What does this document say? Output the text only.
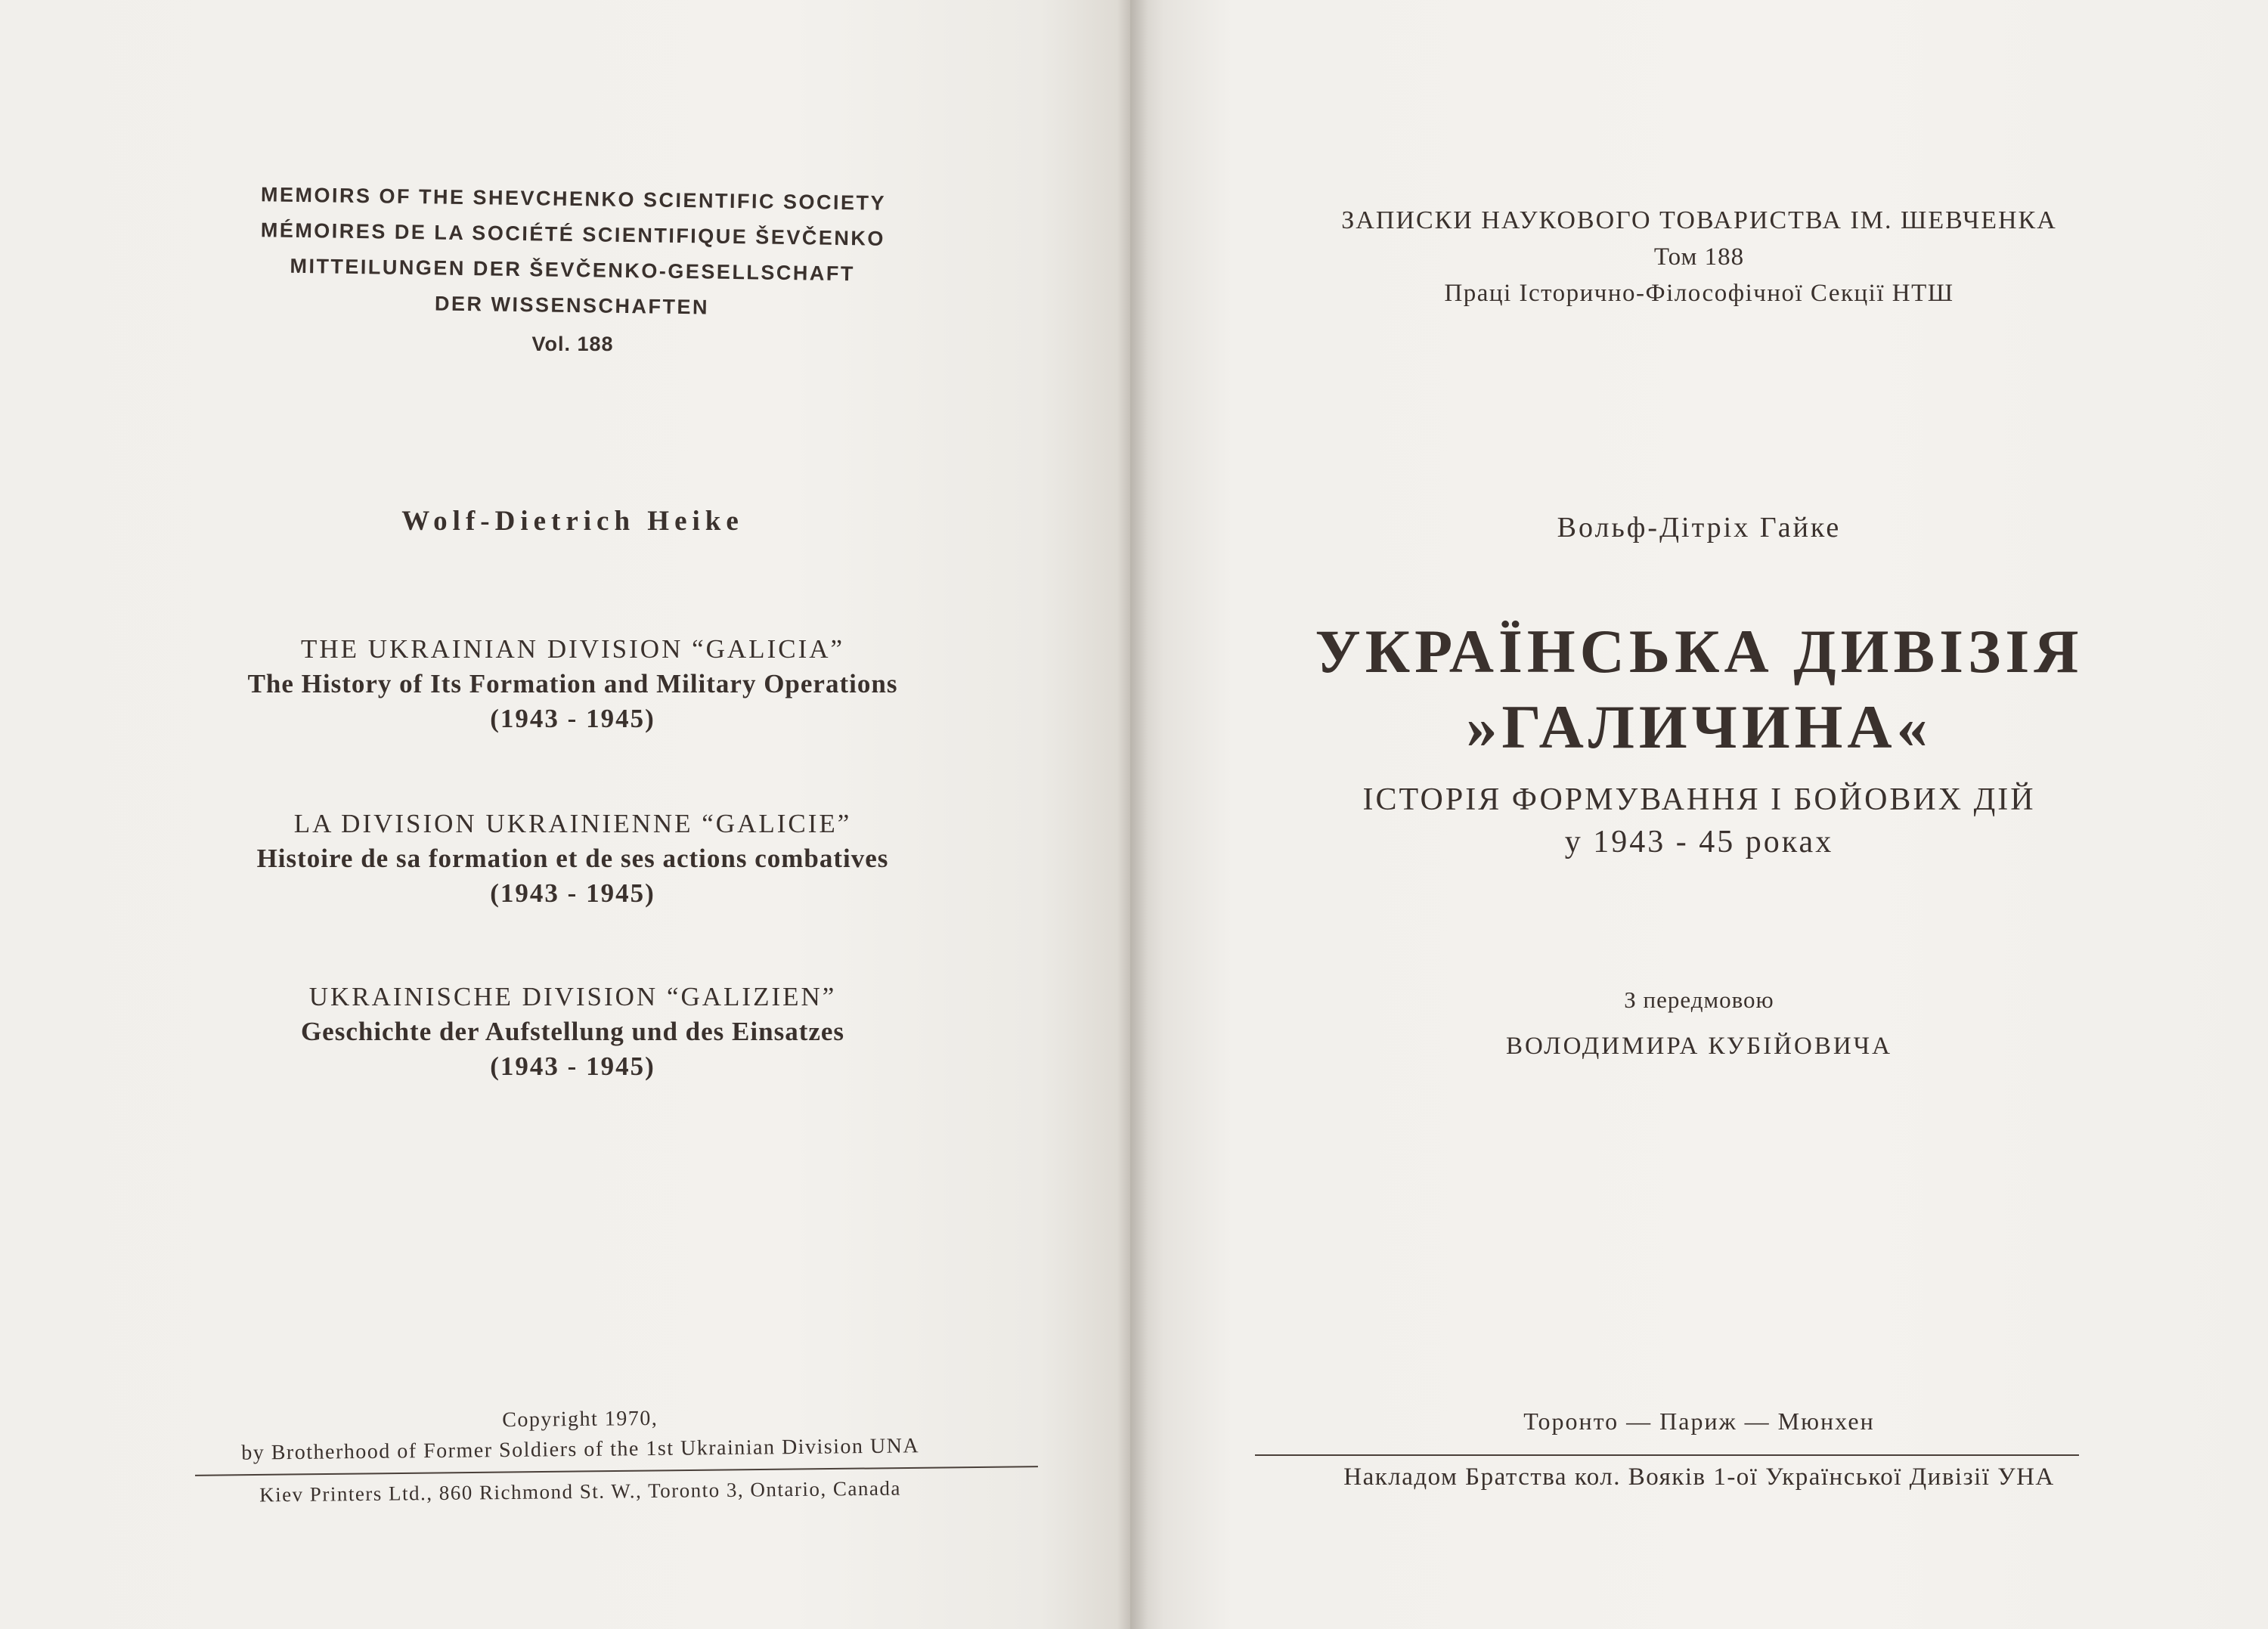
MEMOIRS OF THE SHEVCHENKO SCIENTIFIC SOCIETY
MÉMOIRES DE LA SOCIÉTÉ SCIENTIFIQUE ŠEVČENKO
MITTEILUNGEN DER ŠEVČENKO-GESELLSCHAFT
DER WISSENSCHAFTEN
Vol. 188
Wolf-Dietrich Heike
THE UKRAINIAN DIVISION “GALICIA”
The History of Its Formation and Military Operations
(1943 - 1945)
LA DIVISION UKRAINIENNE “GALICIE”
Histoire de sa formation et de ses actions combatives
(1943 - 1945)
UKRAINISCHE DIVISION “GALIZIEN”
Geschichte der Aufstellung und des Einsatzes
(1943 - 1945)
Copyright 1970,
by Brotherhood of Former Soldiers of the 1st Ukrainian Division UNA
Kiev Printers Ltd., 860 Richmond St. W., Toronto 3, Ontario, Canada
ЗАПИСКИ НАУКОВОГО ТОВАРИСТВА ІМ. ШЕВЧЕНКА
Том 188
Праці Історично-Філософічної Секції НТШ
Вольф-Дітріх Гайке
УКРАЇНСЬКА ДИВІЗІЯ
»ГАЛИЧИНА«
ІСТОРІЯ ФОРМУВАННЯ І БОЙОВИХ ДІЙ
у 1943 - 45 роках
З передмовою
ВОЛОДИМИРА КУБІЙОВИЧА
Торонто — Париж — Мюнхен
Накладом Братства кол. Вояків 1-ої Української Дивізії УНА
